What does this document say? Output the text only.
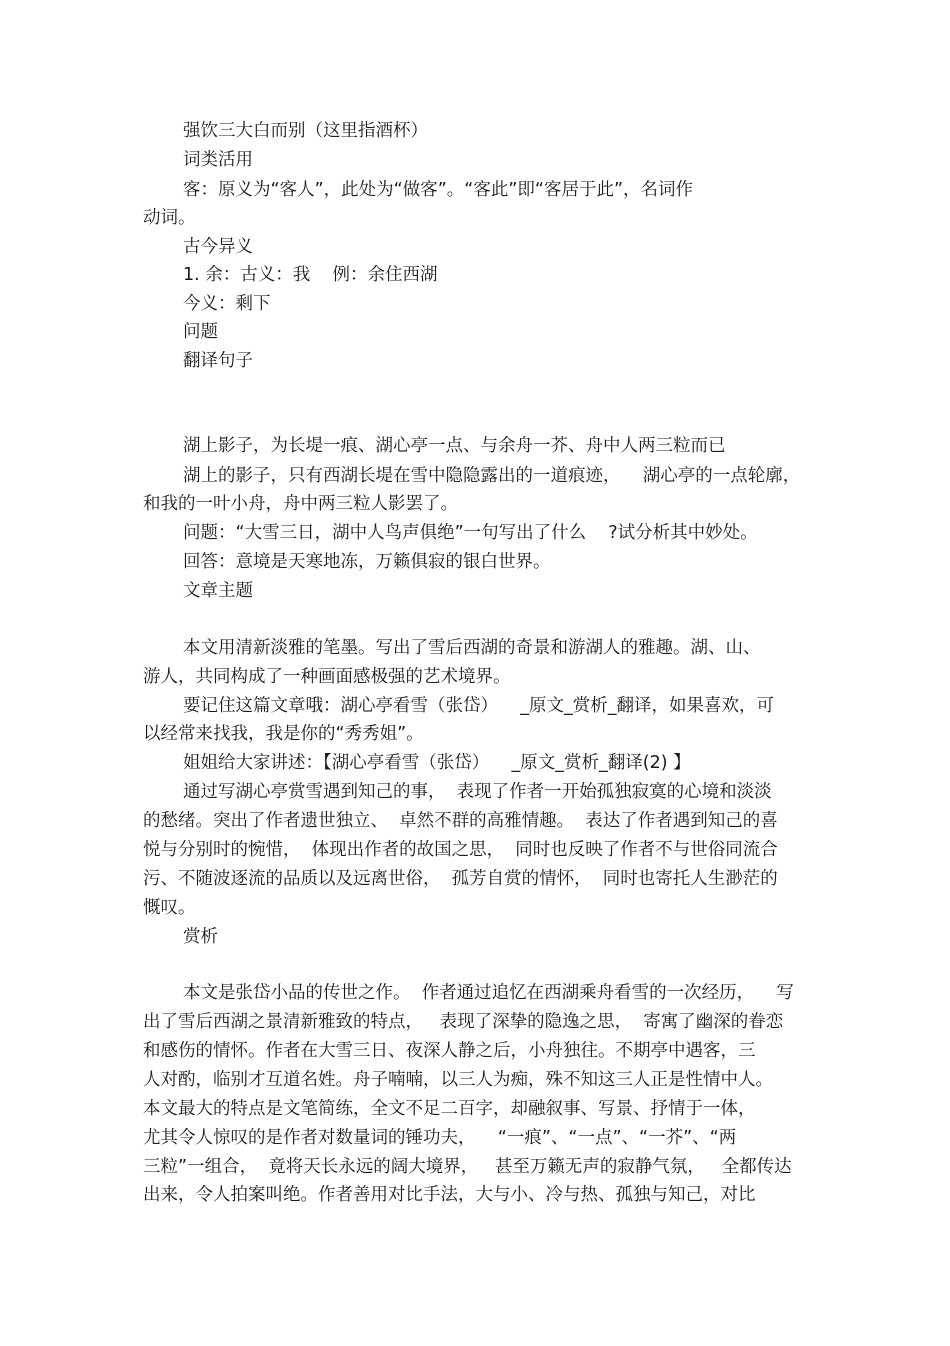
强饮三大白而别（这里指酒杯）
词类活用
客：原义为“客人”，此处为“做客”。“客此”即“客居于此”，名词作
动词。
古今异义
1. 余：古义：我    例：余住西湖
今义：剩下
问题
翻译句子
湖上影子，为长堤一痕、湖心亭一点、与余舟一芥、舟中人两三粒而已
湖上的影子，只有西湖长堤在雪中隐隐露出的一道痕迹，    湖心亭的一点轮廓，
和我的一叶小舟，舟中两三粒人影罢了。
问题：“大雪三日，湖中人鸟声俱绝”一句写出了什么    ?试分析其中妙处。
回答：意境是天寒地冻，万籁俱寂的银白世界。
文章主题
本文用清新淡雅的笔墨。写出了雪后西湖的奇景和游湖人的雅趣。湖、山、
游人，共同构成了一种画面感极强的艺术境界。
要记住这篇文章哦：湖心亭看雪（张岱）    _原文_赏析_翻译，如果喜欢，可
以经常来找我，我是你的“秀秀姐”。
姐姐给大家讲述：【湖心亭看雪（张岱）    _原文_赏析_翻译(2) 】
通过写湖心亭赏雪遇到知己的事，  表现了作者一开始孤独寂寞的心境和淡淡
的愁绪。突出了作者遗世独立、  卓然不群的高雅情趣。  表达了作者遇到知己的喜
悦与分别时的惋惜，  体现出作者的故国之思，  同时也反映了作者不与世俗同流合
污、不随波逐流的品质以及远离世俗，  孤芳自赏的情怀，  同时也寄托人生渺茫的
慨叹。
赏析
本文是张岱小品的传世之作。  作者通过追忆在西湖乘舟看雪的一次经历，    写
出了雪后西湖之景清新雅致的特点，   表现了深挚的隐逸之思，  寄寓了幽深的眷恋
和感伤的情怀。作者在大雪三日、夜深人静之后，小舟独往。不期亭中遇客，三
人对酌，临别才互道名姓。舟子喃喃，以三人为痴，殊不知这三人正是性情中人。
本文最大的特点是文笔简练，全文不足二百字，却融叙事、写景、抒情于一体，
尤其令人惊叹的是作者对数量词的锤功夫，    “一痕”、“一点”、“一芥”、“两
三粒”一组合，  竟将天长永远的阔大境界，   甚至万籁无声的寂静气氛，   全都传达
出来，令人拍案叫绝。作者善用对比手法，大与小、冷与热、孤独与知己，对比
